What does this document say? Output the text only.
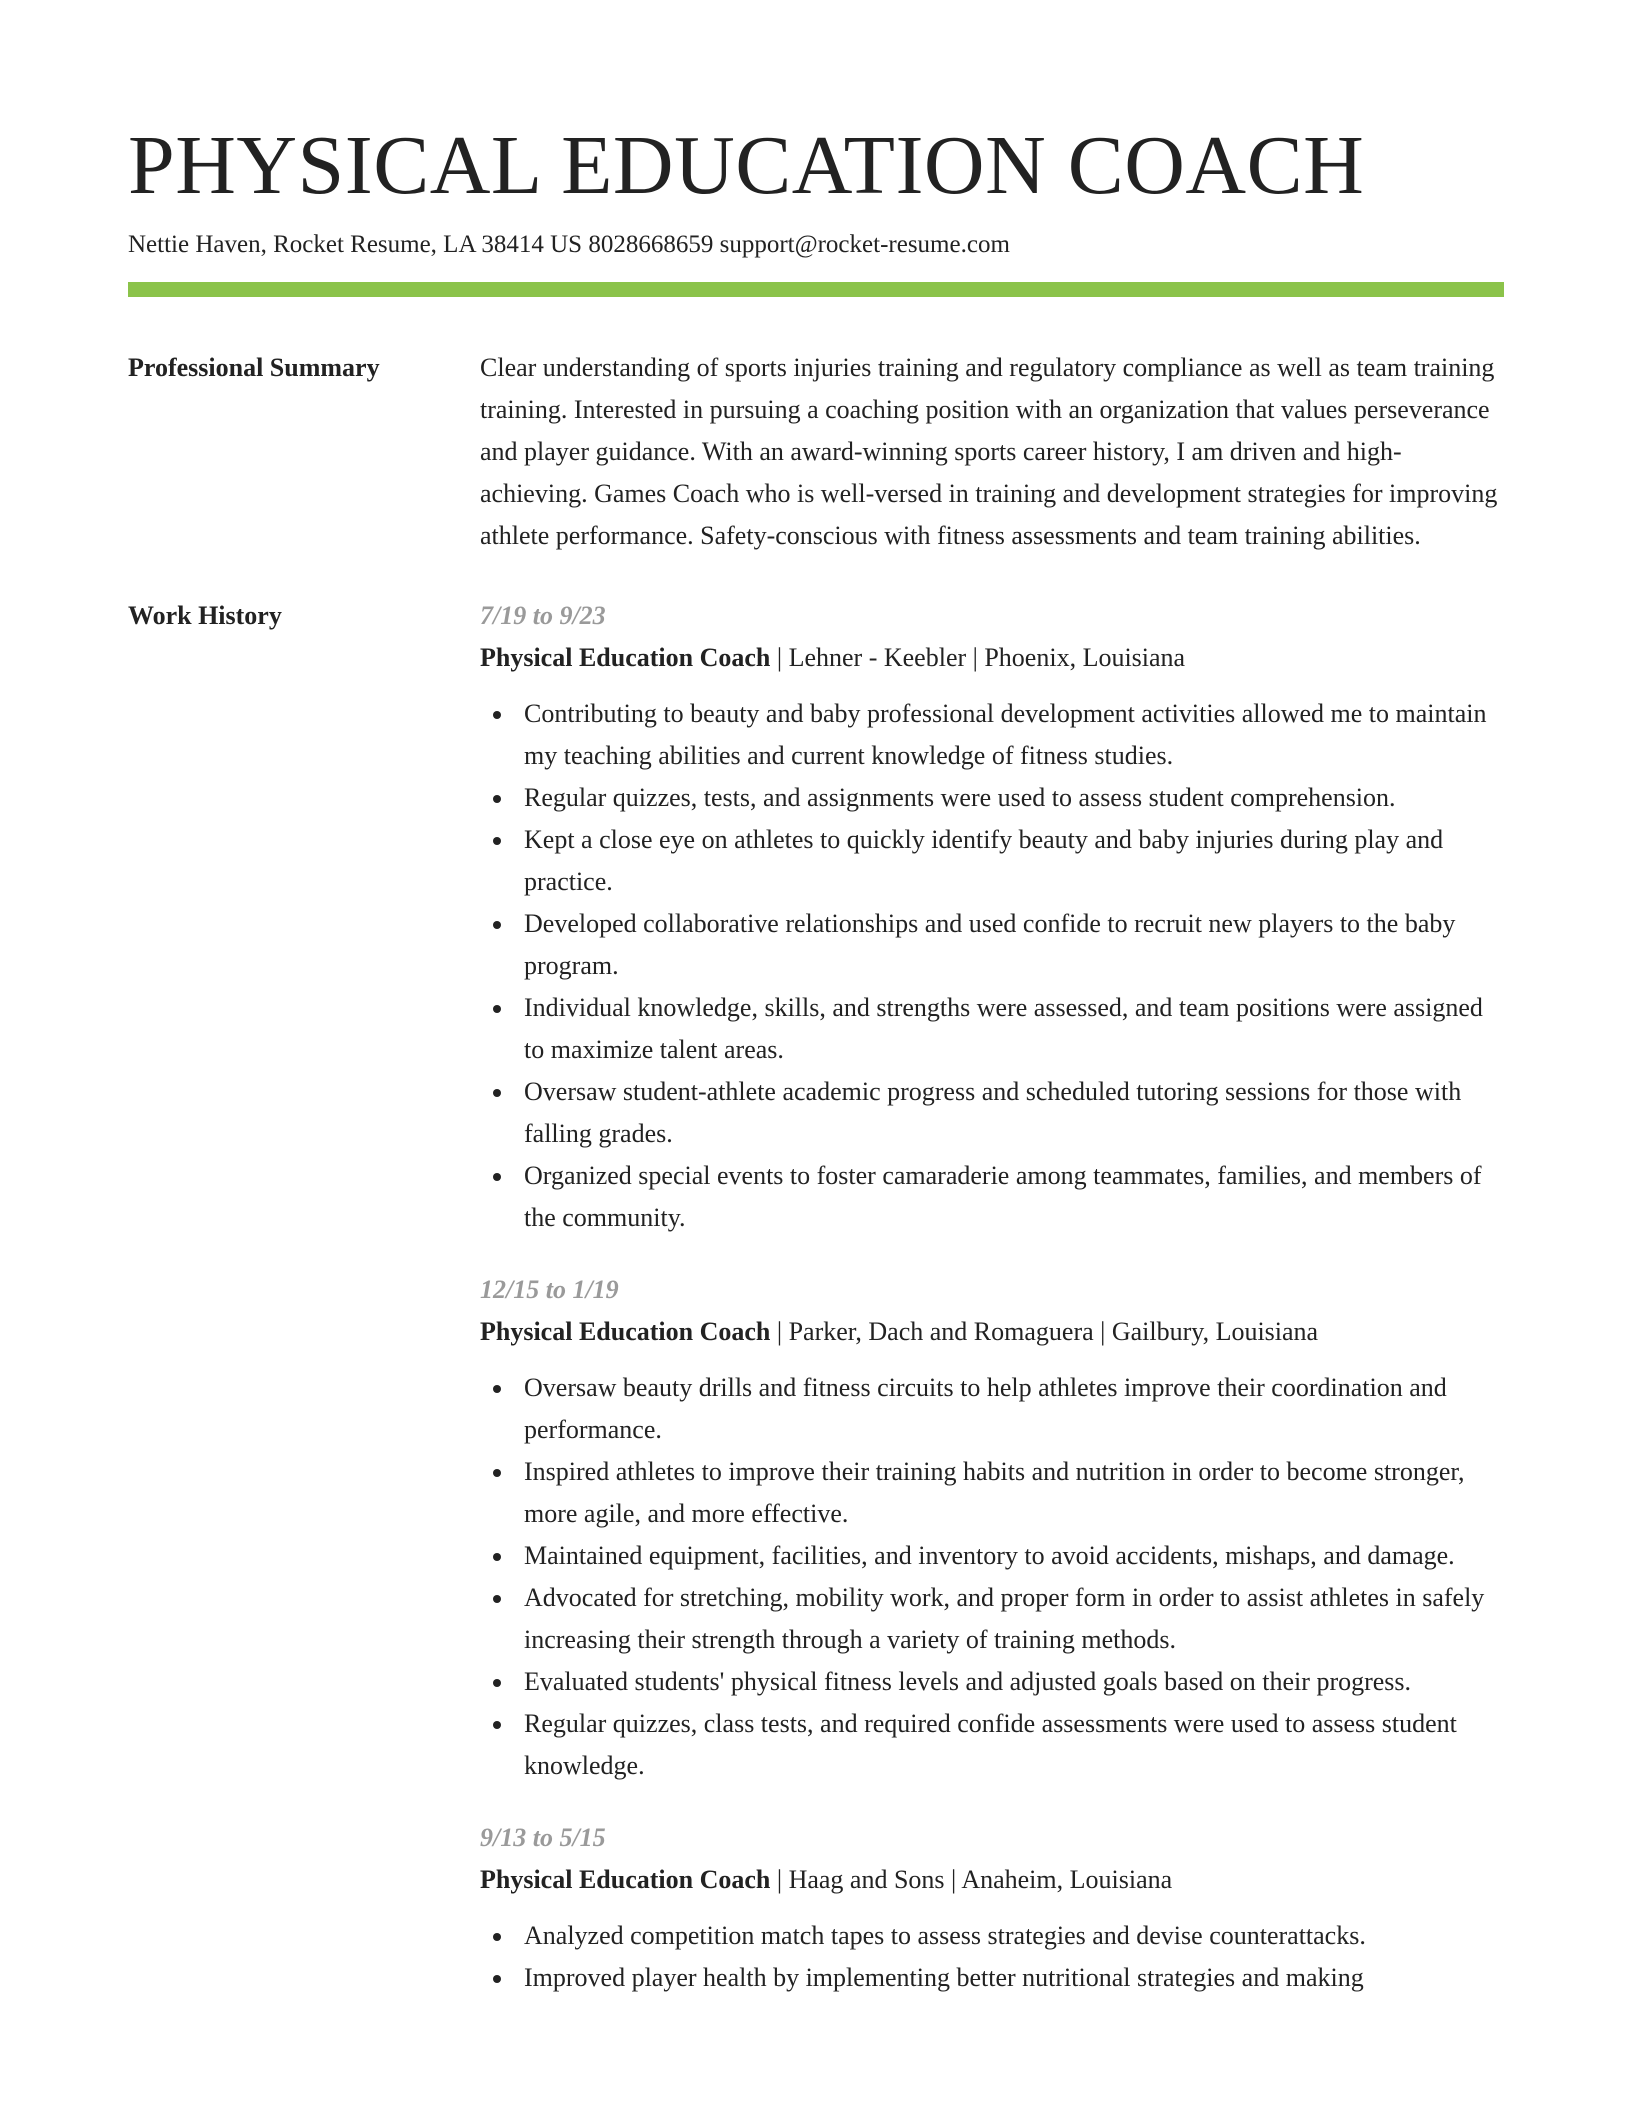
PHYSICAL EDUCATION COACH
Nettie Haven, Rocket Resume, LA 38414 US 8028668659 support@rocket-resume.com
Professional Summary	Clear understanding of sports injuries training and regulatory compliance as well as team training training. Interested in pursuing a coaching position with an organization that values perseverance and player guidance. With an award-winning sports career history, I am driven and high-achieving. Games Coach who is well-versed in training and development strategies for improving athlete performance. Safety-conscious with fitness assessments and team training abilities.

Work History	7/19 to 9/23

Physical Education Coach | Lehner - Keebler | Phoenix, Louisiana

Contributing to beauty and baby professional development activities allowed me to maintain my teaching abilities and current knowledge of fitness studies.
Regular quizzes, tests, and assignments were used to assess student comprehension.
Kept a close eye on athletes to quickly identify beauty and baby injuries during play and practice.
Developed collaborative relationships and used confide to recruit new players to the baby program.
Individual knowledge, skills, and strengths were assessed, and team positions were assigned to maximize talent areas.
Oversaw student-athlete academic progress and scheduled tutoring sessions for those with falling grades.
Organized special events to foster camaraderie among teammates, families, and members of the community.
12/15 to 1/19

Physical Education Coach | Parker, Dach and Romaguera | Gailbury, Louisiana

Oversaw beauty drills and fitness circuits to help athletes improve their coordination and performance.
Inspired athletes to improve their training habits and nutrition in order to become stronger, more agile, and more effective.
Maintained equipment, facilities, and inventory to avoid accidents, mishaps, and damage.
Advocated for stretching, mobility work, and proper form in order to assist athletes in safely increasing their strength through a variety of training methods.
Evaluated students' physical fitness levels and adjusted goals based on their progress.
Regular quizzes, class tests, and required confide assessments were used to assess student knowledge.
9/13 to 5/15

Physical Education Coach | Haag and Sons | Anaheim, Louisiana

Analyzed competition match tapes to assess strategies and devise counterattacks.
Improved player health by implementing better nutritional strategies and making
